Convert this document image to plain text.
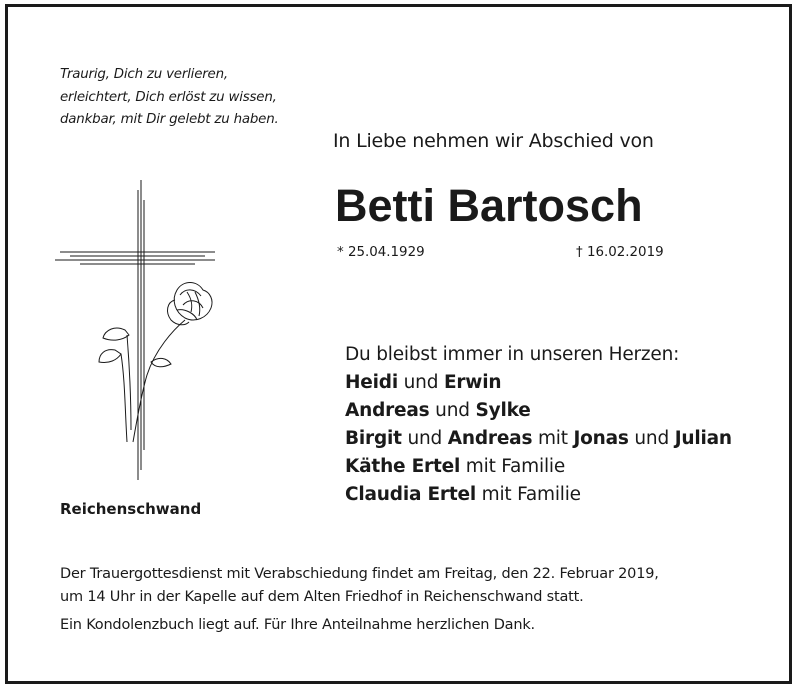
Traurig, Dich zu verlieren,
erleichtert, Dich erlöst zu wissen,
dankbar, mit Dir gelebt zu haben.
In Liebe nehmen wir Abschied von
Betti Bartosch
* 25.04.1929	† 16.02.2019
Du bleibst immer in unseren Herzen:
Heidi und Erwin
Andreas und Sylke
Birgit und Andreas mit Jonas und Julian
Käthe Ertel mit Familie
Claudia Ertel mit Familie
Reichenschwand
Der Trauergottesdienst mit Verabschiedung findet am Freitag, den 22. Februar 2019,
um 14 Uhr in der Kapelle auf dem Alten Friedhof in Reichenschwand statt.
Ein Kondolenzbuch liegt auf. Für Ihre Anteilnahme herzlichen Dank.
